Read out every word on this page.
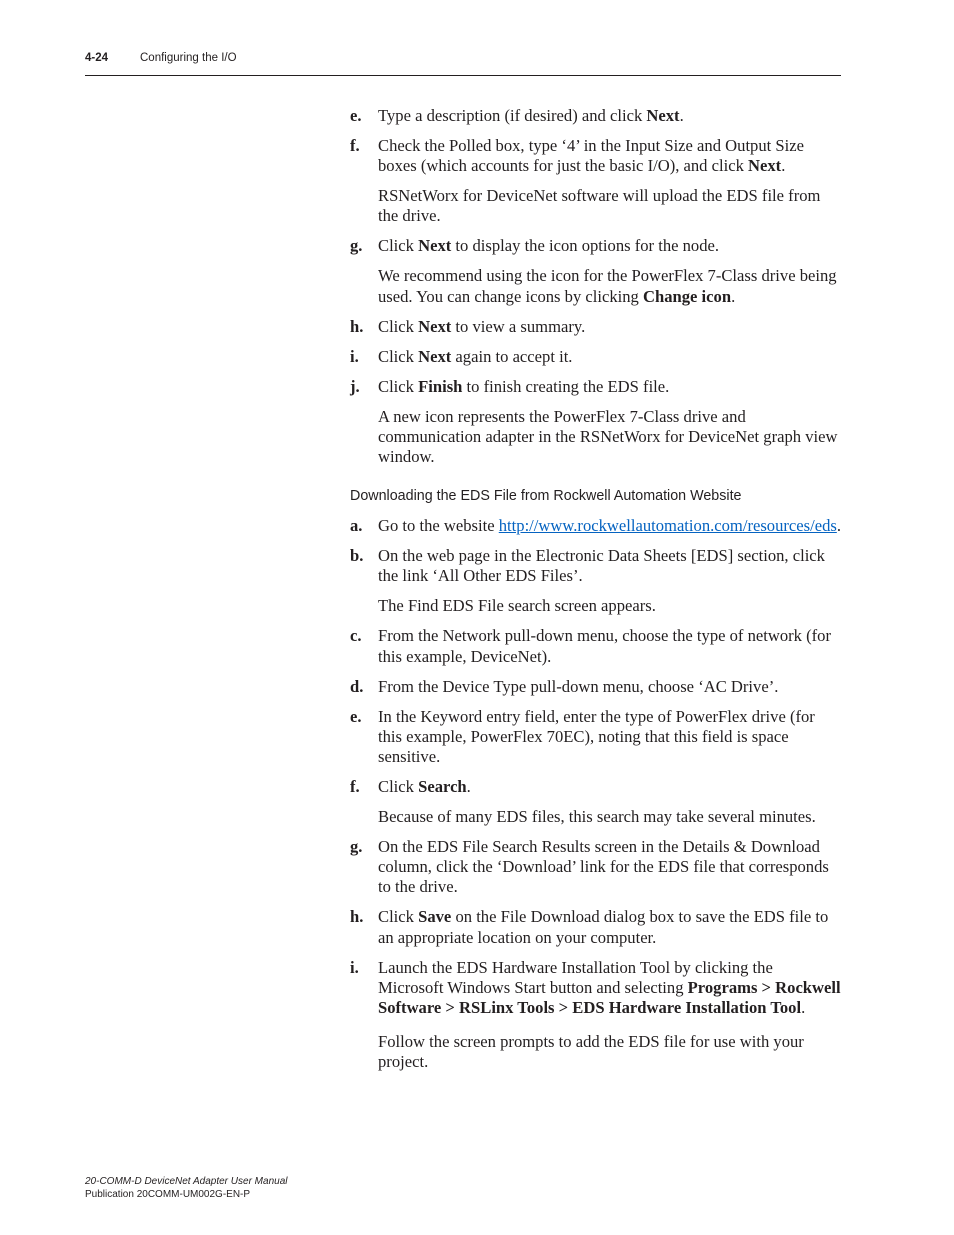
4-24	Configuring the I/O
e. Type a description (if desired) and click Next.
f. Check the Polled box, type ‘4’ in the Input Size and Output Size boxes (which accounts for just the basic I/O), and click Next.
RSNetWorx for DeviceNet software will upload the EDS file from the drive.
g. Click Next to display the icon options for the node.
We recommend using the icon for the PowerFlex 7-Class drive being used. You can change icons by clicking Change icon.
h. Click Next to view a summary.
i. Click Next again to accept it.
j. Click Finish to finish creating the EDS file.
A new icon represents the PowerFlex 7-Class drive and communication adapter in the RSNetWorx for DeviceNet graph view window.
Downloading the EDS File from Rockwell Automation Website
a. Go to the website http://www.rockwellautomation.com/resources/eds.
b. On the web page in the Electronic Data Sheets [EDS] section, click the link ‘All Other EDS Files’.
The Find EDS File search screen appears.
c. From the Network pull-down menu, choose the type of network (for this example, DeviceNet).
d. From the Device Type pull-down menu, choose ‘AC Drive’.
e. In the Keyword entry field, enter the type of PowerFlex drive (for this example, PowerFlex 70EC), noting that this field is space sensitive.
f. Click Search.
Because of many EDS files, this search may take several minutes.
g. On the EDS File Search Results screen in the Details & Download column, click the ‘Download’ link for the EDS file that corresponds to the drive.
h. Click Save on the File Download dialog box to save the EDS file to an appropriate location on your computer.
i. Launch the EDS Hardware Installation Tool by clicking the Microsoft Windows Start button and selecting Programs > Rockwell Software > RSLinx Tools > EDS Hardware Installation Tool.
Follow the screen prompts to add the EDS file for use with your project.
20-COMM-D DeviceNet Adapter User Manual
Publication 20COMM-UM002G-EN-P
